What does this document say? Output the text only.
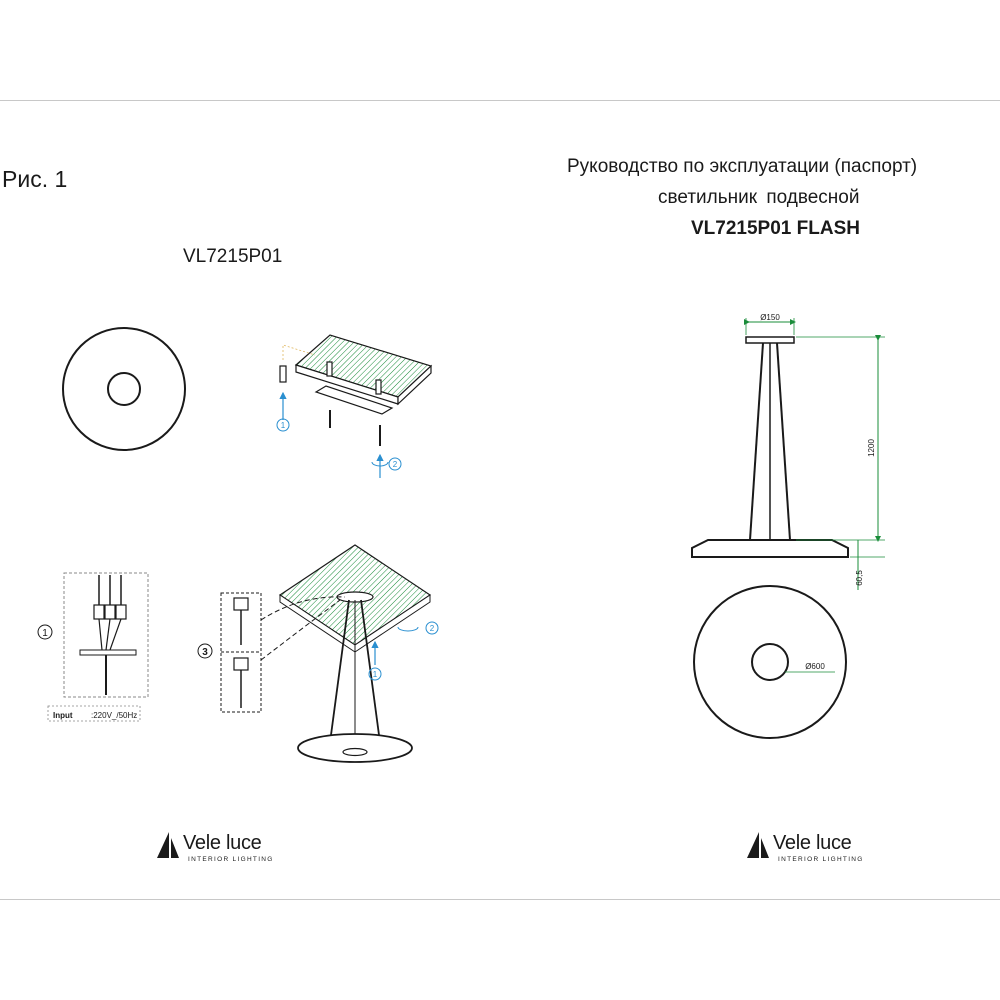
Рис. 1
VL7215P01
Руководство по эксплуатации (паспорт)
светильник подвесной
VL7215P01 FLASH
1
2
1
Input :220V_/50Hz
3
1
2
Ø150
1200
60,5
Ø600
Vele luce
INTERIOR LIGHTING
Vele luce
INTERIOR LIGHTING
